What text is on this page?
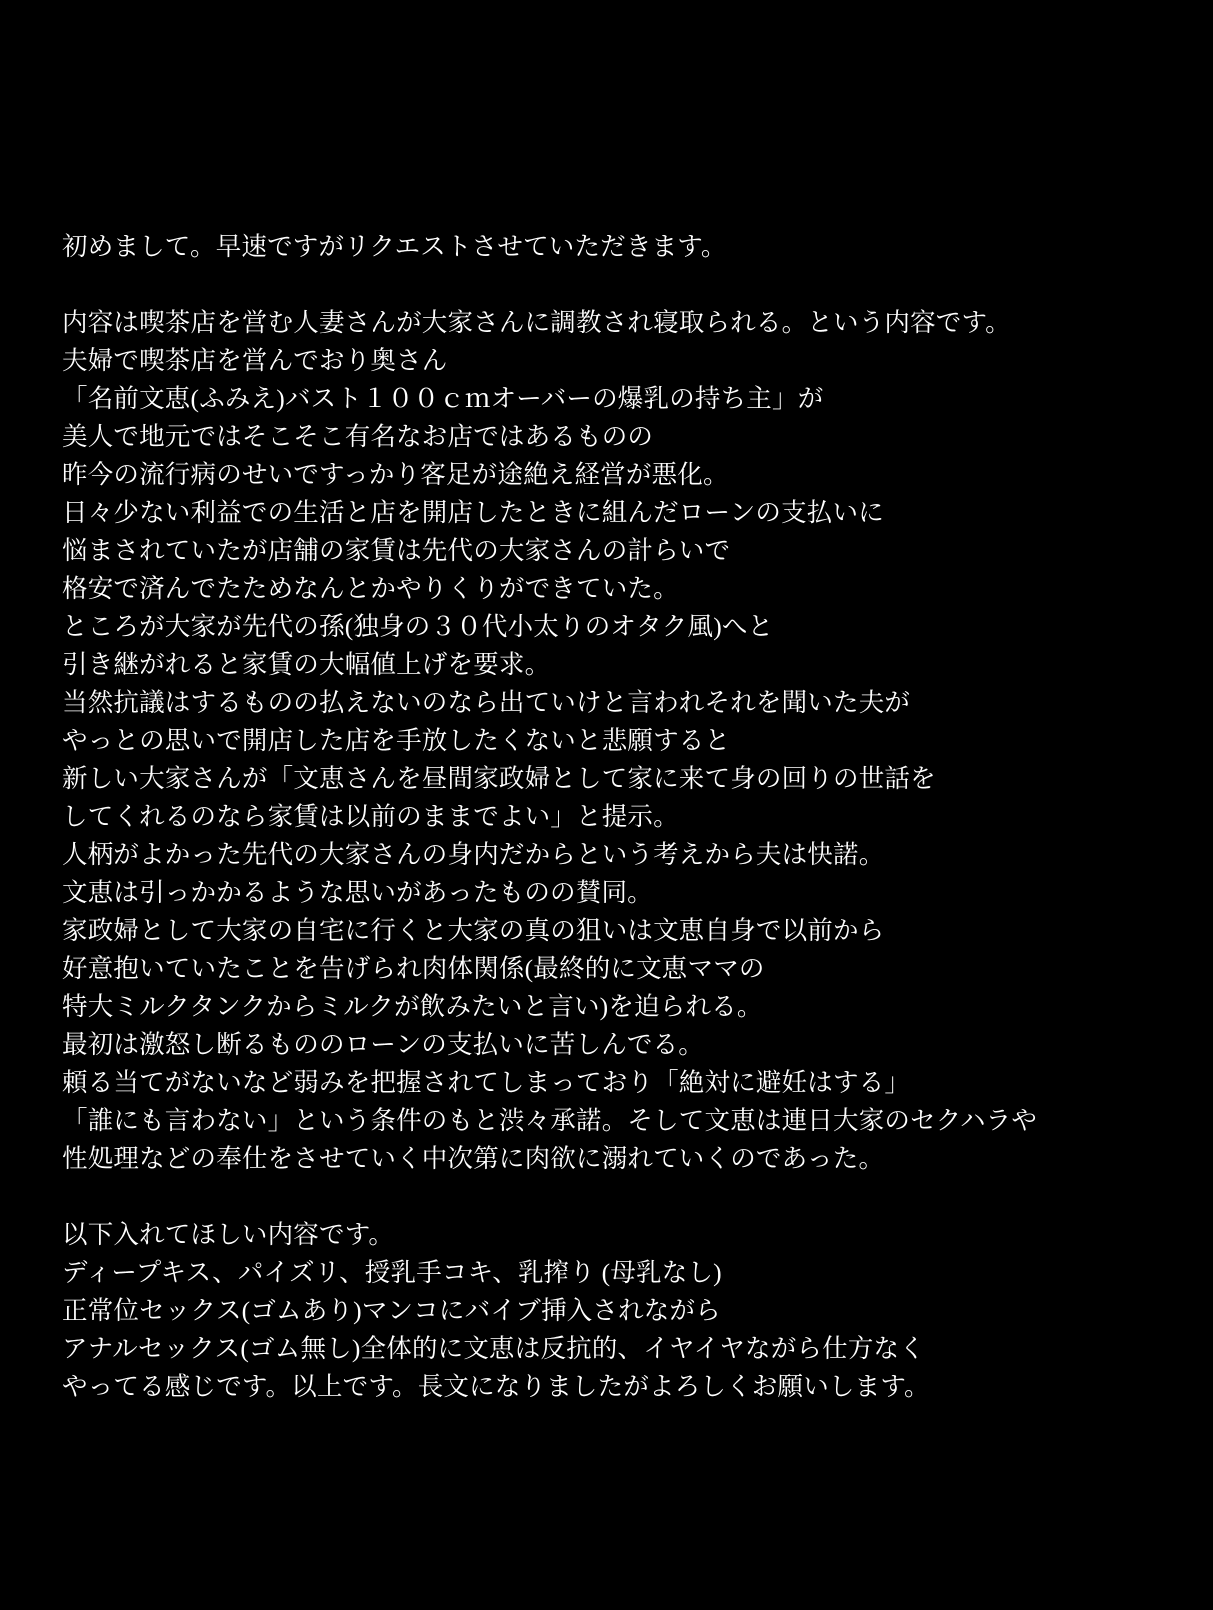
初めまして。早速ですがリクエストさせていただきます。
内容は喫茶店を営む人妻さんが大家さんに調教され寝取られる。という内容です。
夫婦で喫茶店を営んでおり奥さん
「名前文恵(ふみえ)バスト１００ｃｍオーバーの爆乳の持ち主」が
美人で地元ではそこそこ有名なお店ではあるものの
昨今の流行病のせいですっかり客足が途絶え経営が悪化。
日々少ない利益での生活と店を開店したときに組んだローンの支払いに
悩まされていたが店舗の家賃は先代の大家さんの計らいで
格安で済んでたためなんとかやりくりができていた。
ところが大家が先代の孫(独身の３０代小太りのオタク風)へと
引き継がれると家賃の大幅値上げを要求。
当然抗議はするものの払えないのなら出ていけと言われそれを聞いた夫が
やっとの思いで開店した店を手放したくないと悲願すると
新しい大家さんが「文恵さんを昼間家政婦として家に来て身の回りの世話を
してくれるのなら家賃は以前のままでよい」と提示。
人柄がよかった先代の大家さんの身内だからという考えから夫は快諾。
文恵は引っかかるような思いがあったものの賛同。
家政婦として大家の自宅に行くと大家の真の狙いは文恵自身で以前から
好意抱いていたことを告げられ肉体関係(最終的に文恵ママの
特大ミルクタンクからミルクが飲みたいと言い)を迫られる。
最初は激怒し断るもののローンの支払いに苦しんでる。
頼る当てがないなど弱みを把握されてしまっており「絶対に避妊はする」
「誰にも言わない」という条件のもと渋々承諾。そして文恵は連日大家のセクハラや
性処理などの奉仕をさせていく中次第に肉欲に溺れていくのであった。
以下入れてほしい内容です。
ディープキス、パイズリ、授乳手コキ、乳搾り (母乳なし)
正常位セックス(ゴムあり)マンコにバイブ挿入されながら
アナルセックス(ゴム無し)全体的に文恵は反抗的、イヤイヤながら仕方なく
やってる感じです。以上です。長文になりましたがよろしくお願いします。
